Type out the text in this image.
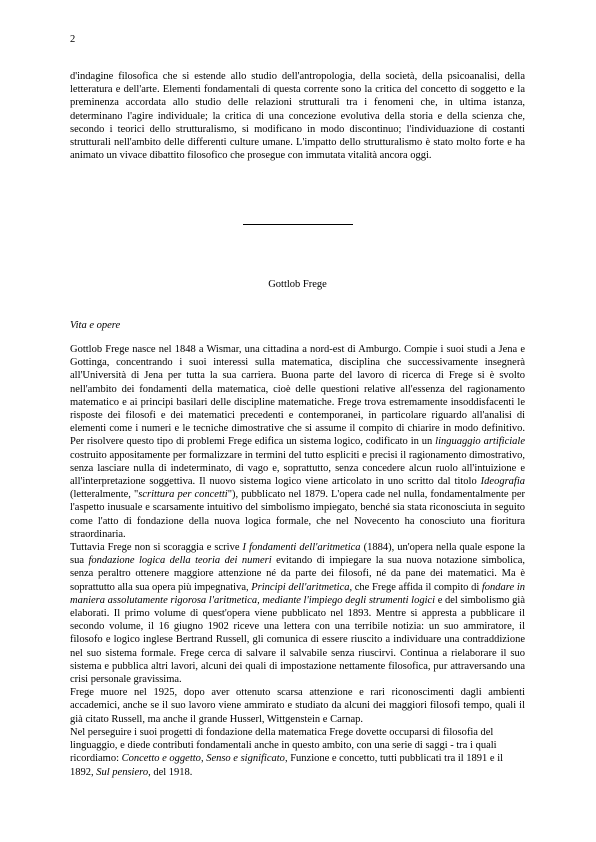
2

d'indagine filosofica che si estende allo studio dell'antropologia, della società, della psicoanalisi, della letteratura e dell'arte. Elementi fondamentali di questa corrente sono la critica del concetto di soggetto e la preminenza accordata allo studio delle relazioni strutturali tra i fenomeni che, in ultima istanza, determinano l'agire individuale; la critica di una concezione evolutiva della storia e della scienza che, secondo i teorici dello strutturalismo, si modificano in modo discontinuo; l'individuazione di costanti strutturali nell'ambito delle differenti culture umane. L'impatto dello strutturalismo è stato molto forte e ha animato un vivace dibattito filosofico che prosegue con immutata vitalità ancora oggi.

Gottlob Frege
Vita e opere

Gottlob Frege nasce nel 1848 a Wismar, una cittadina a nord-est di Amburgo. Compie i suoi studi a Jena e Gottinga, concentrando i suoi interessi sulla matematica, disciplina che successivamente insegnerà all'Università di Jena per tutta la sua carriera. Buona parte del lavoro di ricerca di Frege si è svolto nell'ambito dei fondamenti della matematica, cioè delle questioni relative all'essenza del ragionamento matematico e ai principi basilari delle discipline matematiche. Frege trova estremamente insoddisfacenti le risposte dei filosofi e dei matematici precedenti e contemporanei, in particolare riguardo all'analisi di elementi come i numeri e le tecniche dimostrative che si assume il compito di chiarire in modo definitivo. Per risolvere questo tipo di problemi Frege edifica un sistema logico, codificato in un linguaggio artificiale costruito appositamente per formalizzare in termini del tutto espliciti e precisi il ragionamento dimostrativo, senza lasciare nulla di indeterminato, di vago e, soprattutto, senza concedere alcun ruolo all'intuizione e all'interpretazione soggettiva. Il nuovo sistema logico viene articolato in uno scritto dal titolo Ideografia (letteralmente, "scrittura per concetti"), pubblicato nel 1879. L'opera cade nel nulla, fondamentalmente per l'aspetto inusuale e scarsamente intuitivo del simbolismo impiegato, benché sia stata riconosciuta in seguito come l'atto di fondazione della nuova logica formale, che nel Novecento ha conosciuto una fioritura straordinaria.

Tuttavia Frege non si scoraggia e scrive I fondamenti dell'aritmetica (1884), un'opera nella quale espone la sua fondazione logica della teoria dei numeri evitando di impiegare la sua nuova notazione simbolica, senza peraltro ottenere maggiore attenzione né da parte dei filosofi, né da pane dei matematici. Ma è soprattutto alla sua opera più impegnativa, Principi dell'aritmetica, che Frege affida il compito di fondare in maniera assolutamente rigorosa l'aritmetica, mediante l'impiego degli strumenti logici e del simbolismo già elaborati. Il primo volume di quest'opera viene pubblicato nel 1893. Mentre si appresta a pubblicare il secondo volume, il 16 giugno 1902 riceve una lettera con una terribile notizia: un suo ammiratore, il filosofo e logico inglese Bertrand Russell, gli comunica di essere riuscito a individuare una contraddizione nel suo sistema formale. Frege cerca di salvare il salvabile senza riuscirvi. Continua a rielaborare il suo sistema e pubblica altri lavori, alcuni dei quali di impostazione nettamente filosofica, pur attraversando una crisi personale gravissima.

Frege muore nel 1925, dopo aver ottenuto scarsa attenzione e rari riconoscimenti dagli ambienti accademici, anche se il suo lavoro viene ammirato e studiato da alcuni dei maggiori filosofi tempo, quali il già citato Russell, ma anche il grande Husserl, Wittgenstein e Carnap.

Nel perseguire i suoi progetti di fondazione della matematica Frege dovette occuparsi di filosofia del linguaggio, e diede contributi fondamentali anche in questo ambito, con una serie di saggi - tra i quali ricordiamo: Concetto e oggetto, Senso e significato, Funzione e concetto, tutti pubblicati tra il 1891 e il 1892, Sul pensiero, del 1918.
